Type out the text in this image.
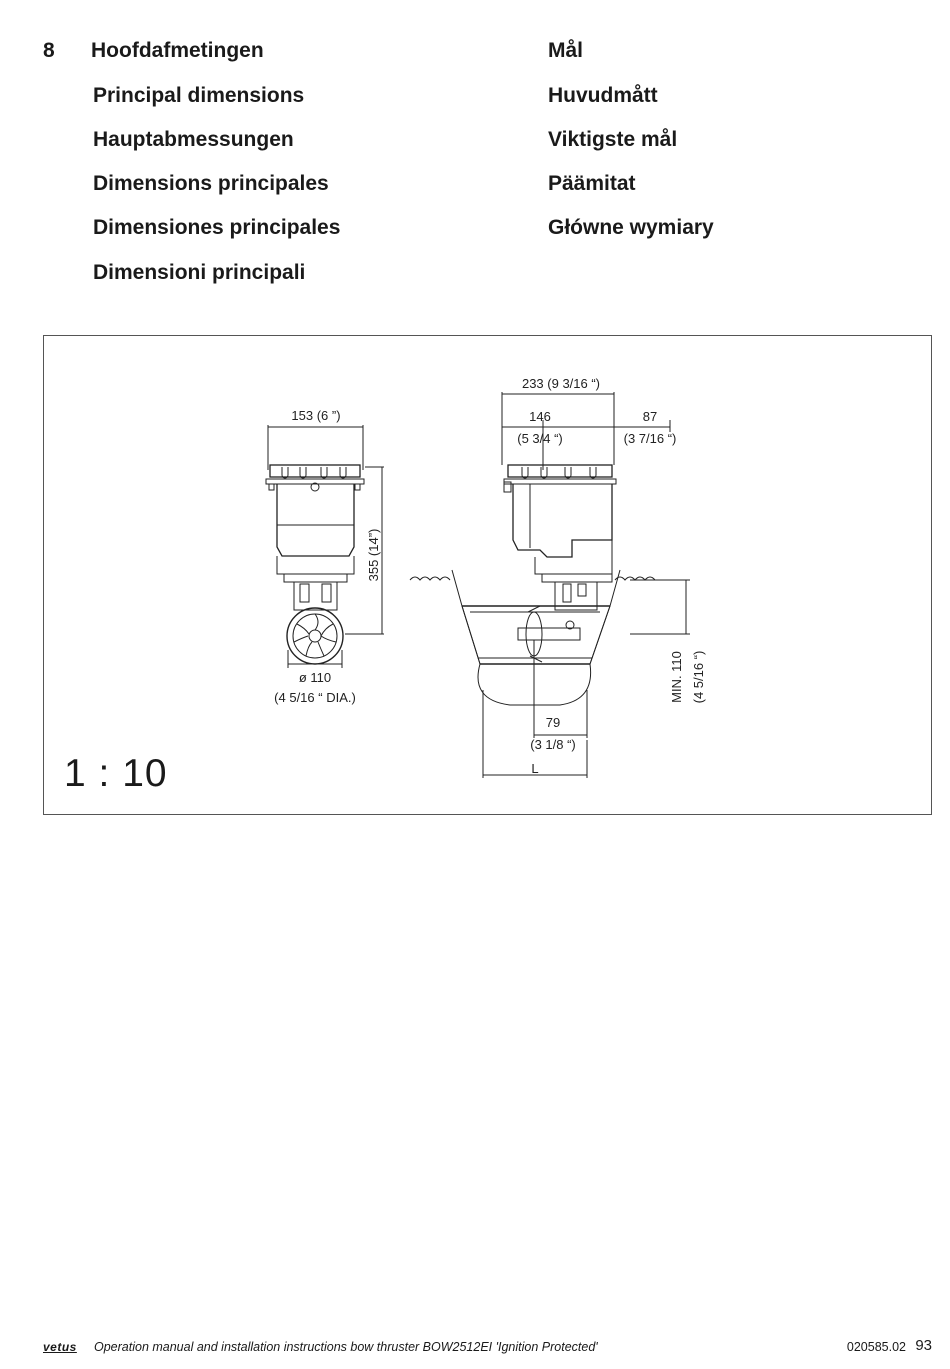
8 Hoofdafmetingen
Principal dimensions
Hauptabmessungen
Dimensions principales
Dimensiones principales
Dimensioni principali
Mål
Huvudmått
Viktigste mål
Päämitat
Główne wymiary
153 (6 ”)
355 (14”)
ø 110
(4 5/16 “ DIA.)
233 (9 3/16 “)
146
(5 3/4 “)
87
(3 7/16 “)
79
(3 1/8 “)
L
MIN. 110 (4 5/16 “)
1 : 10
vetus Operation manual and installation instructions bow thruster BOW2512EI 'Ignition Protected'	020585.02 93
